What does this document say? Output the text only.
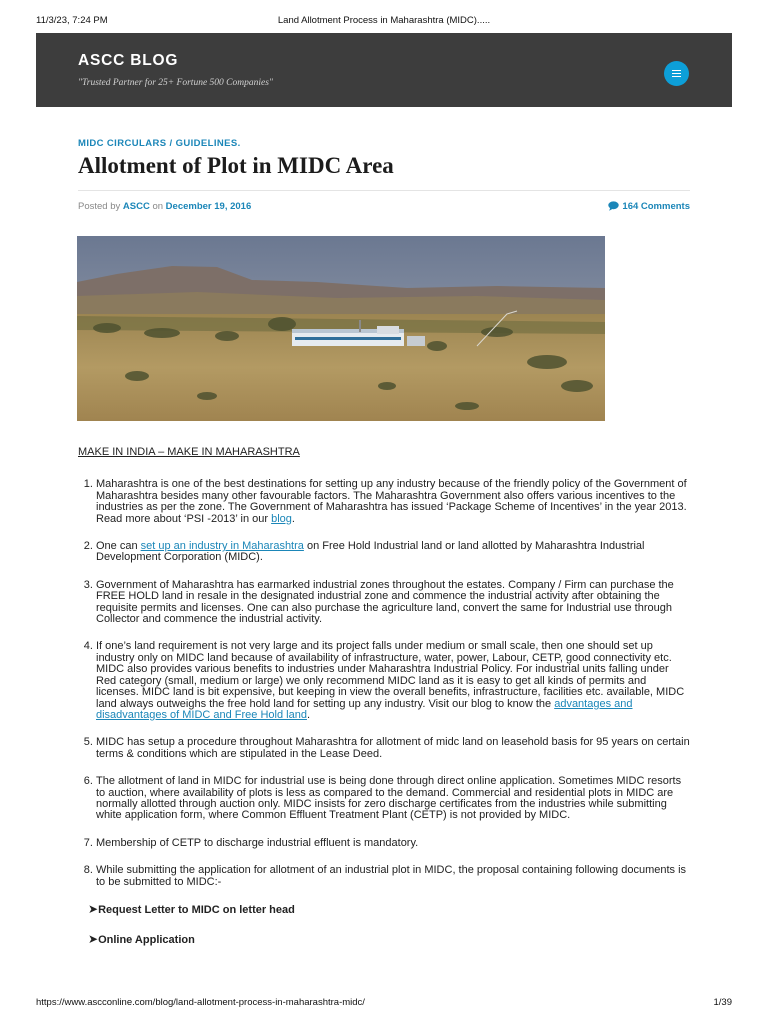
11/3/23, 7:24 PM	Land Allotment Process in Maharashtra (MIDC).....
ASCC BLOG
"Trusted Partner for 25+ Fortune 500 Companies"
MIDC CIRCULARS / GUIDELINES.
Allotment of Plot in MIDC Area
Posted by ASCC on December 19, 2016	164 Comments

MAKE IN INDIA – MAKE IN MAHARASHTRA

1. Maharashtra is one of the best destinations for setting up any industry because of the friendly policy of the Government of Maharashtra besides many other favourable factors. The Maharashtra Government also offers various incentives to the industries as per the zone. The Government of Maharashtra has issued ‘Package Scheme of Incentives’ in the year 2013. Read more about ‘PSI -2013’ in our blog.
2. One can set up an industry in Maharashtra on Free Hold Industrial land or land allotted by Maharashtra Industrial Development Corporation (MIDC).
3. Government of Maharashtra has earmarked industrial zones throughout the estates. Company / Firm can purchase the FREE HOLD land in resale in the designated industrial zone and commence the industrial activity after obtaining the requisite permits and licenses. One can also purchase the agriculture land, convert the same for Industrial use through Collector and commence the industrial activity.
4. If one’s land requirement is not very large and its project falls under medium or small scale, then one should set up industry only on MIDC land because of availability of infrastructure, water, power, Labour, CETP, good connectivity etc. MIDC also provides various benefits to industries under Maharashtra Industrial Policy. For industrial units falling under Red category (small, medium or large) we only recommend MIDC land as it is easy to get all kinds of permits and licenses. MIDC land is bit expensive, but keeping in view the overall benefits, infrastructure, facilities etc. available, MIDC land always outweighs the free hold land for setting up any industry. Visit our blog to know the advantages and disadvantages of MIDC and Free Hold land.
5. MIDC has setup a procedure throughout Maharashtra for allotment of midc land on leasehold basis for 95 years on certain terms & conditions which are stipulated in the Lease Deed.
6. The allotment of land in MIDC for industrial use is being done through direct online application. Sometimes MIDC resorts to auction, where availability of plots is less as compared to the demand. Commercial and residential plots in MIDC are normally allotted through auction only. MIDC insists for zero discharge certificates from the industries while submitting white application form, where Common Effluent Treatment Plant (CETP) is not provided by MIDC.
7. Membership of CETP to discharge industrial effluent is mandatory.
8. While submitting the application for allotment of an industrial plot in MIDC, the proposal containing following documents is to be submitted to MIDC:-

➤Request Letter to MIDC on letter head

➤Online Application

https://www.ascconline.com/blog/land-allotment-process-in-maharashtra-midc/	1/39
